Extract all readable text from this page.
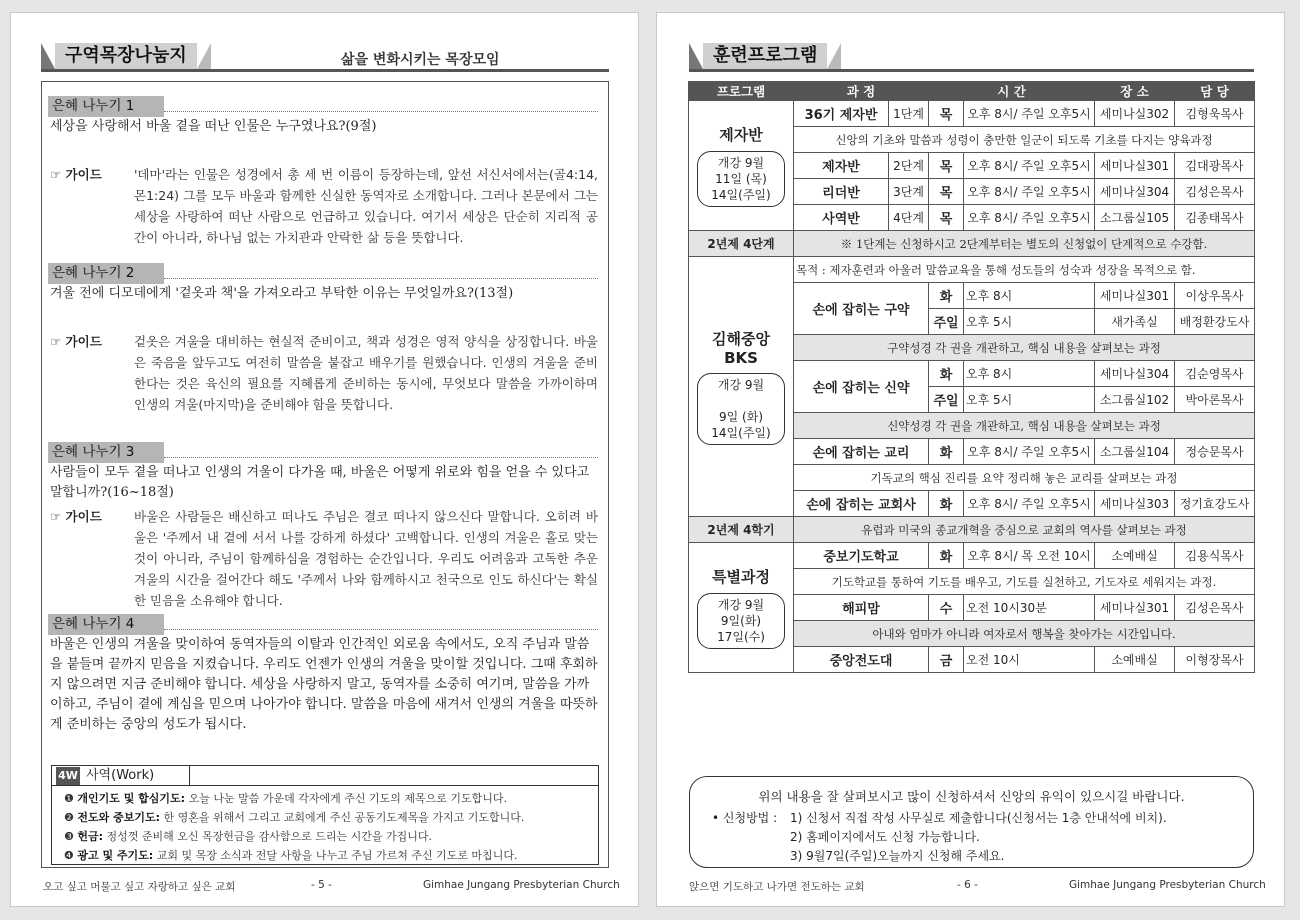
구역목장나눔지	삶을 변화시키는 목장모임
은혜 나누기 1
세상을 사랑해서 바울 곁을 떠난 인물은 누구였나요?(9절)
☞ 가이드	'데마'라는 인물은 성경에서 총 세 번 이름이 등장하는데, 앞선 서신서에서는(골4:14, 몬1:24) 그를 모두 바울과 함께한 신실한 동역자로 소개합니다. 그러나 본문에서 그는 세상을 사랑하여 떠난 사람으로 언급하고 있습니다. 여기서 세상은 단순히 지리적 공간이 아니라, 하나님 없는 가치관과 안락한 삶 등을 뜻합니다.
은혜 나누기 2
겨울 전에 디모데에게 '겉옷과 책'을 가져오라고 부탁한 이유는 무엇일까요?(13절)
☞ 가이드	겉옷은 겨울을 대비하는 현실적 준비이고, 책과 성경은 영적 양식을 상징합니다. 바울은 죽음을 앞두고도 여전히 말씀을 붙잡고 배우기를 원했습니다. 인생의 겨울을 준비한다는 것은 육신의 필요를 지혜롭게 준비하는 동시에, 무엇보다 말씀을 가까이하며 인생의 겨울(마지막)을 준비해야 함을 뜻합니다.
은혜 나누기 3
사람들이 모두 곁을 떠나고 인생의 겨울이 다가올 때, 바울은 어떻게 위로와 힘을 얻을 수 있다고 말합니까?(16~18절)
☞ 가이드	바울은 사람들은 배신하고 떠나도 주님은 결코 떠나지 않으신다 말합니다. 오히려 바울은 '주께서 내 곁에 서서 나를 강하게 하셨다' 고백합니다. 인생의 겨울은 홀로 맞는 것이 아니라, 주님이 함께하심을 경험하는 순간입니다. 우리도 어려움과 고독한 추운 겨울의 시간을 걸어간다 해도 '주께서 나와 함께하시고 천국으로 인도 하신다'는 확실한 믿음을 소유해야 합니다.
은혜 나누기 4
바울은 인생의 겨울을 맞이하여 동역자들의 이탈과 인간적인 외로움 속에서도, 오직 주님과 말씀을 붙들며 끝까지 믿음을 지켰습니다. 우리도 언젠가 인생의 겨울을 맞이할 것입니다. 그때 후회하지 않으려면 지금 준비해야 합니다. 세상을 사랑하지 말고, 동역자를 소중히 여기며, 말씀을 가까이하고, 주님이 곁에 계심을 믿으며 나아가야 합니다. 말씀을 마음에 새겨서 인생의 겨울을 따뜻하게 준비하는 중앙의 성도가 됩시다.
4W 사역(Work)
❶ 개인기도 및 합심기도: 오늘 나눈 말씀 가운데 각자에게 주신 기도의 제목으로 기도합니다.
❷ 전도와 중보기도: 한 영혼을 위해서 그리고 교회에게 주신 공동기도제목을 가지고 기도합니다.
❸ 헌금: 정성껏 준비해 오신 목장헌금을 감사함으로 드리는 시간을 가집니다.
❹ 광고 및 주기도: 교회 및 목장 소식과 전달 사항을 나누고 주님 가르쳐 주신 기도로 마칩니다.
오고 싶고 머물고 싶고 자랑하고 싶은 교회	- 5 -	Gimhae Jungang Presbyterian Church
훈련프로그램
프로그램	과 정		시 간		장 소	담 당

제자반
개강 9월
11일 (목)
14일(주일)	36기 제자반	1단계	목	오후 8시/ 주일 오후5시	세미나실302	김형욱목사
	신앙의 기초와 말씀과 성령이 충만한 일군이 되도록 기초를 다지는 양육과정					
	제자반	2단계	목	오후 8시/ 주일 오후5시	세미나실301	김대광목사
	리더반	3단계	목	오후 8시/ 주일 오후5시	세미나실304	김성은목사
	사역반	4단계	목	오후 8시/ 주일 오후5시	소그룹실105	김종태목사
2년제 4단계	※ 1단계는 신청하시고 2단계부터는 별도의 신청없이 단계적으로 수강함.					

김해중앙
BKS
개강 9월

9일 (화)
14일(주일)	목적 : 제자훈련과 아울러 말씀교육을 통해 성도들의 성숙과 성장을 목적으로 함.					
	손에 잡히는 구약		화	오후 8시	세미나실301	이상우목사
			주일	오후 5시	새가족실	배정환강도사
	구약성경 각 권을 개관하고, 핵심 내용을 살펴보는 과정					
	손에 잡히는 신약		화	오후 8시	세미나실304	김순영목사
			주일	오후 5시	소그룹실102	박아론목사
	신약성경 각 권을 개관하고, 핵심 내용을 살펴보는 과정					
	손에 잡히는 교리		화	오후 8시/ 주일 오후5시	소그룹실104	정승문목사
	기독교의 핵심 진리를 요약 정리해 놓은 교리를 살펴보는 과정					
	손에 잡히는 교회사		화	오후 8시/ 주일 오후5시	세미나실303	정기효강도사
2년제 4학기	유럽과 미국의 종교개혁을 중심으로 교회의 역사를 살펴보는 과정					

특별과정
개강 9월
9일(화)
17일(수)	중보기도학교		화	오후 8시/ 목 오전 10시	소예배실	김용식목사
	기도학교를 통하여 기도를 배우고, 기도를 실천하고, 기도자로 세워지는 과정.					
	해피맘		수	오전 10시30분	세미나실301	김성은목사
	아내와 엄마가 아니라 여자로서 행복을 찾아가는 시간입니다.					
	중앙전도대		금	오전 10시	소예배실	이형장목사
위의 내용을 잘 살펴보시고 많이 신청하셔서 신앙의 유익이 있으시길 바랍니다.
• 신청방법 : 1) 신청서 직접 작성 사무실로 제출합니다(신청서는 1층 안내석에 비치).
2) 홈페이지에서도 신청 가능합니다.
3) 9월7일(주일)오늘까지 신청해 주세요.
앉으면 기도하고 나가면 전도하는 교회	- 6 -	Gimhae Jungang Presbyterian Church
